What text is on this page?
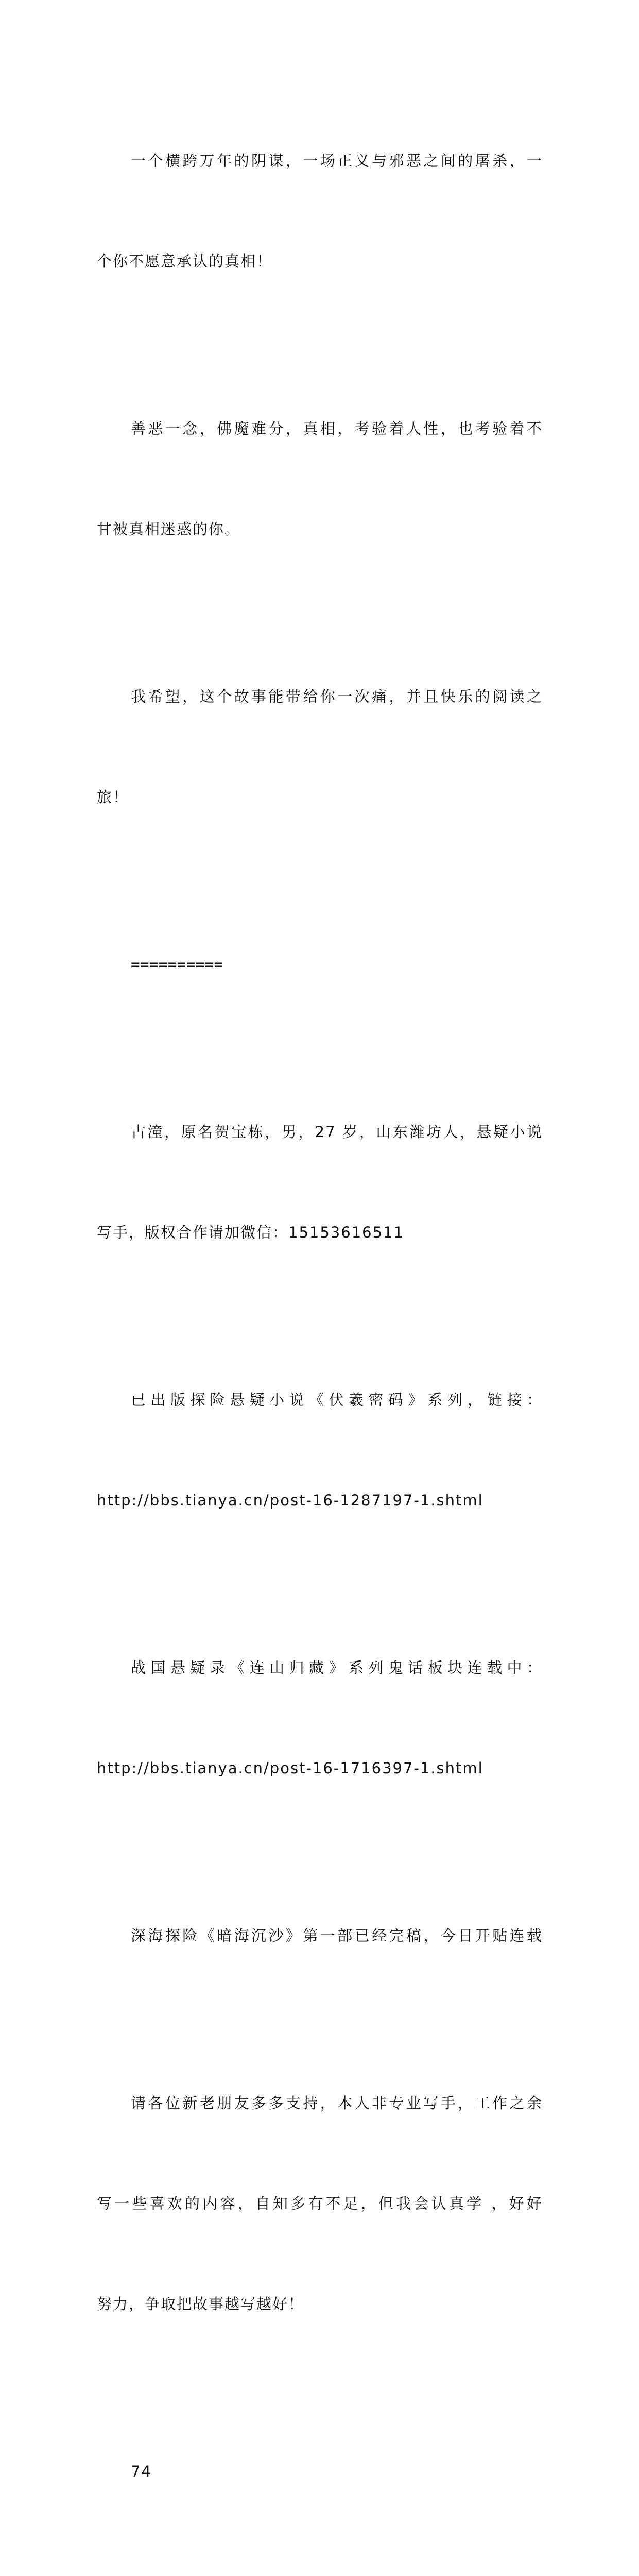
一个横跨万年的阴谋，一场正义与邪恶之间的屠杀，一

个你不愿意承认的真相！

善恶一念，佛魔难分，真相，考验着人性，也考验着不

甘被真相迷惑的你。

我希望，这个故事能带给你一次痛，并且快乐的阅读之

旅！

==========

古潼，原名贺宝栋，男，27 岁，山东潍坊人，悬疑小说

写手，版权合作请加微信：15153616511

已出版探险悬疑小说《伏羲密码》系列，链接：

http://bbs.tianya.cn/post-16-1287197-1.shtml

战国悬疑录《连山归藏》系列鬼话板块连载中：

http://bbs.tianya.cn/post-16-1716397-1.shtml

深海探险《暗海沉沙》第一部已经完稿，今日开贴连载

请各位新老朋友多多支持，本人非专业写手，工作之余

写一些喜欢的内容，自知多有不足，但我会认真学 ，好好

努力，争取把故事越写越好！

74
